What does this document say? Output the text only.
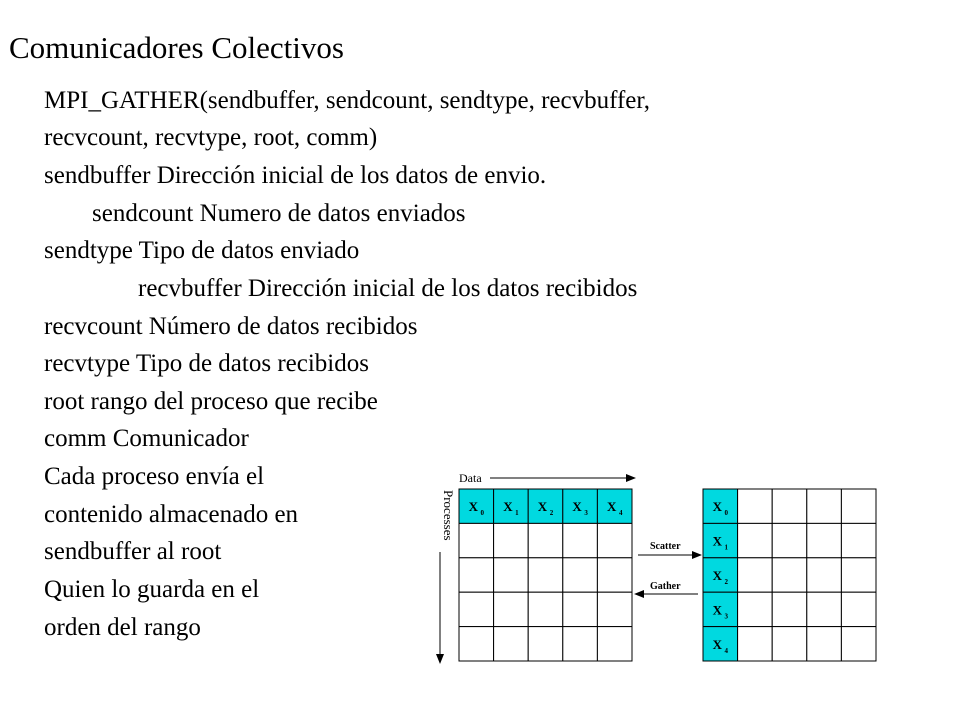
Comunicadores Colectivos
MPI_GATHER(sendbuffer, sendcount, sendtype, recvbuffer,
recvcount, recvtype, root, comm)
sendbuffer Dirección inicial de los datos de envio.
sendcount Numero de datos enviados
sendtype Tipo de datos enviado
recvbuffer Dirección inicial de los datos recibidos
recvcount Número de datos recibidos
recvtype Tipo de datos recibidos
root rango del proceso que recibe
comm Comunicador
Cada proceso envía el
contenido almacenado en
sendbuffer al root
Quien lo guarda en el
orden del rango
X 0 X 1 X 2 X 3 X 4	X 0
X 1
X 2
X 3
X 4
Data
Processes
Scatter
Gather
